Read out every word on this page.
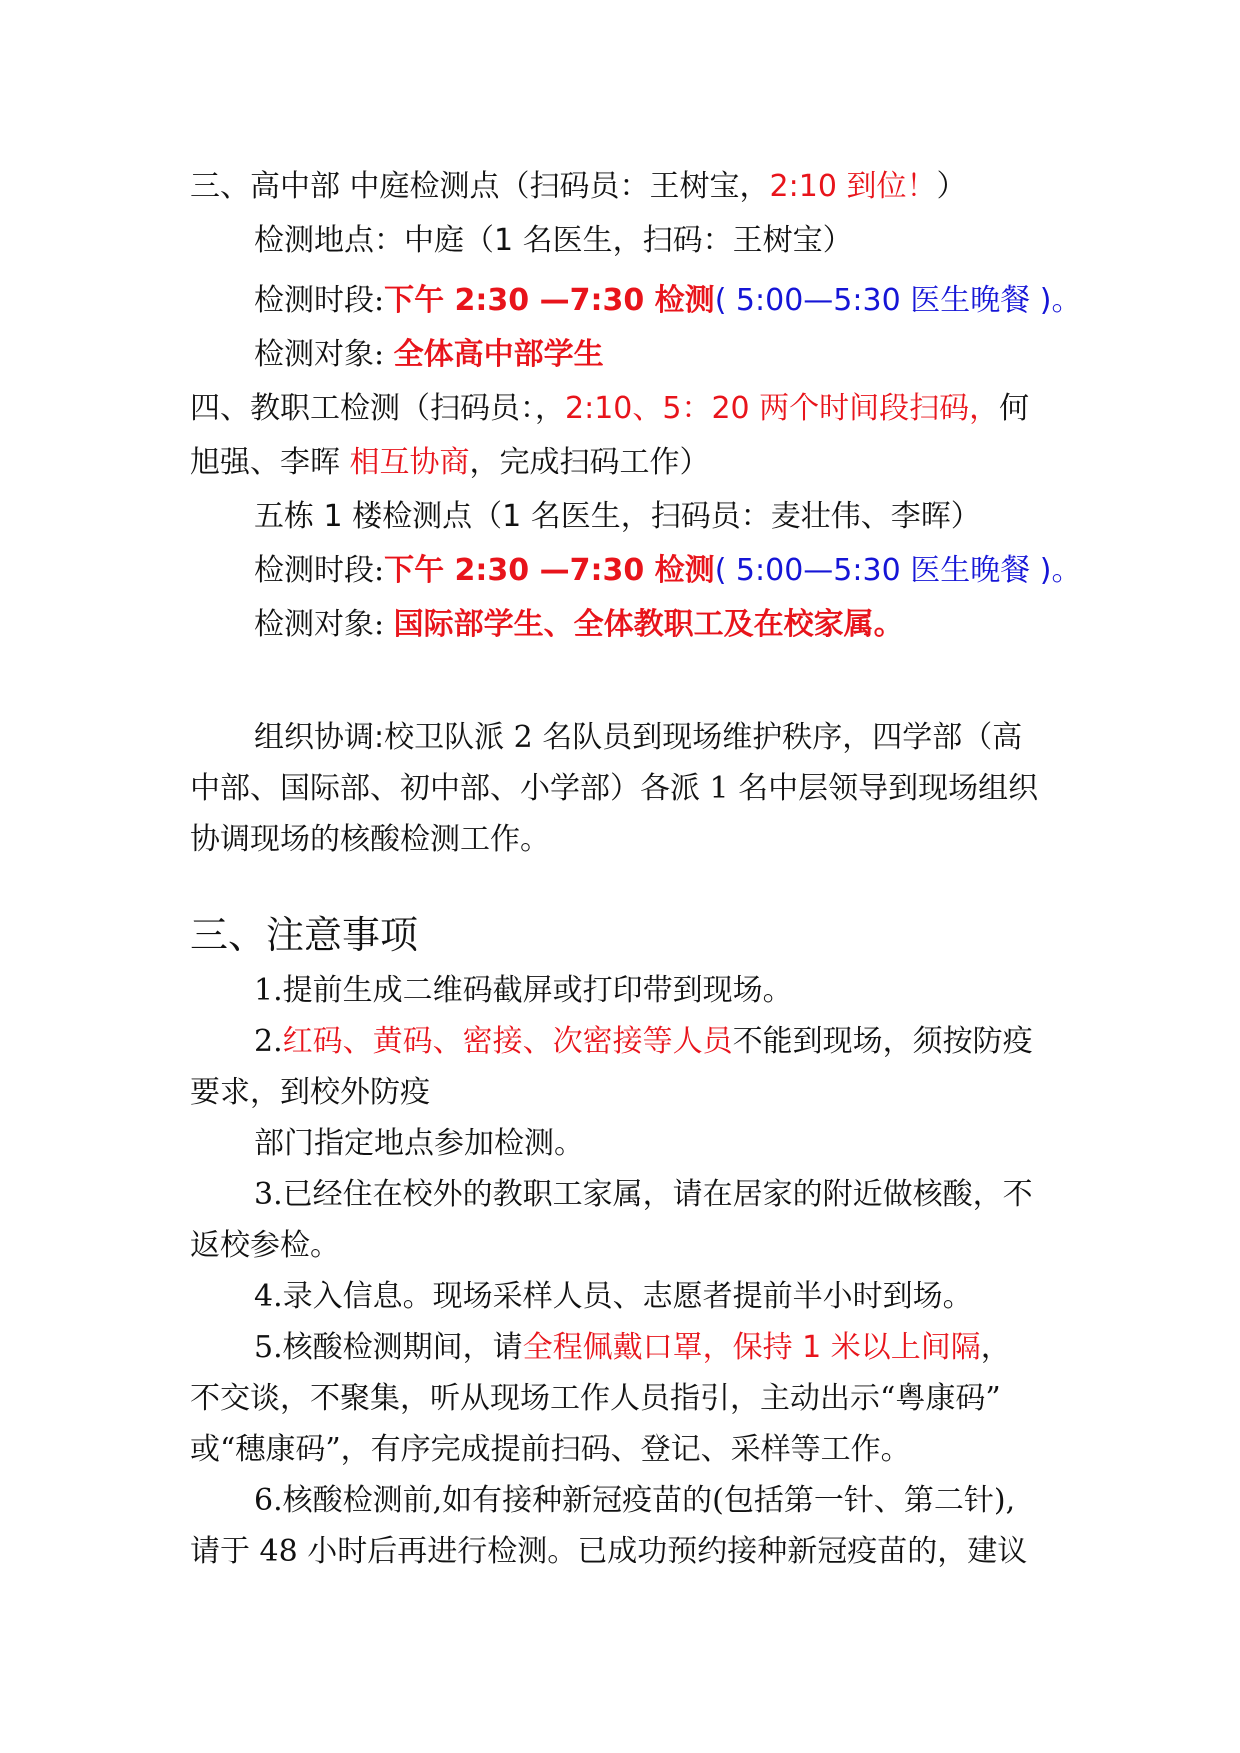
三、高中部 中庭检测点（扫码员：王树宝，2:10 到位！）
检测地点：中庭（1 名医生，扫码：王树宝）
检测时段:下午 2:30 —7:30 检测( 5:00—5:30 医生晚餐 )。
检测对象: 全体高中部学生
四、教职工检测（扫码员：，2:10、5：20 两个时间段扫码，何
旭强、李晖 相互协商，完成扫码工作）
五栋 1 楼检测点（1 名医生，扫码员：麦壮伟、李晖）
检测时段:下午 2:30 —7:30 检测( 5:00—5:30 医生晚餐 )。
检测对象: 国际部学生、全体教职工及在校家属。
组织协调:校卫队派 2 名队员到现场维护秩序，四学部（高
中部、国际部、初中部、小学部）各派 1 名中层领导到现场组织
协调现场的核酸检测工作。
三、注意事项
1.提前生成二维码截屏或打印带到现场。
2.红码、黄码、密接、次密接等人员不能到现场，须按防疫
要求，到校外防疫
部门指定地点参加检测。
3.已经住在校外的教职工家属，请在居家的附近做核酸，不
返校参检。
4.录入信息。现场采样人员、志愿者提前半小时到场。
5.核酸检测期间，请全程佩戴口罩，保持 1 米以上间隔，
不交谈，不聚集，听从现场工作人员指引，主动出示“粤康码”
或“穗康码”，有序完成提前扫码、登记、采样等工作。
6.核酸检测前,如有接种新冠疫苗的(包括第一针、第二针),
请于 48 小时后再进行检测。已成功预约接种新冠疫苗的，建议
